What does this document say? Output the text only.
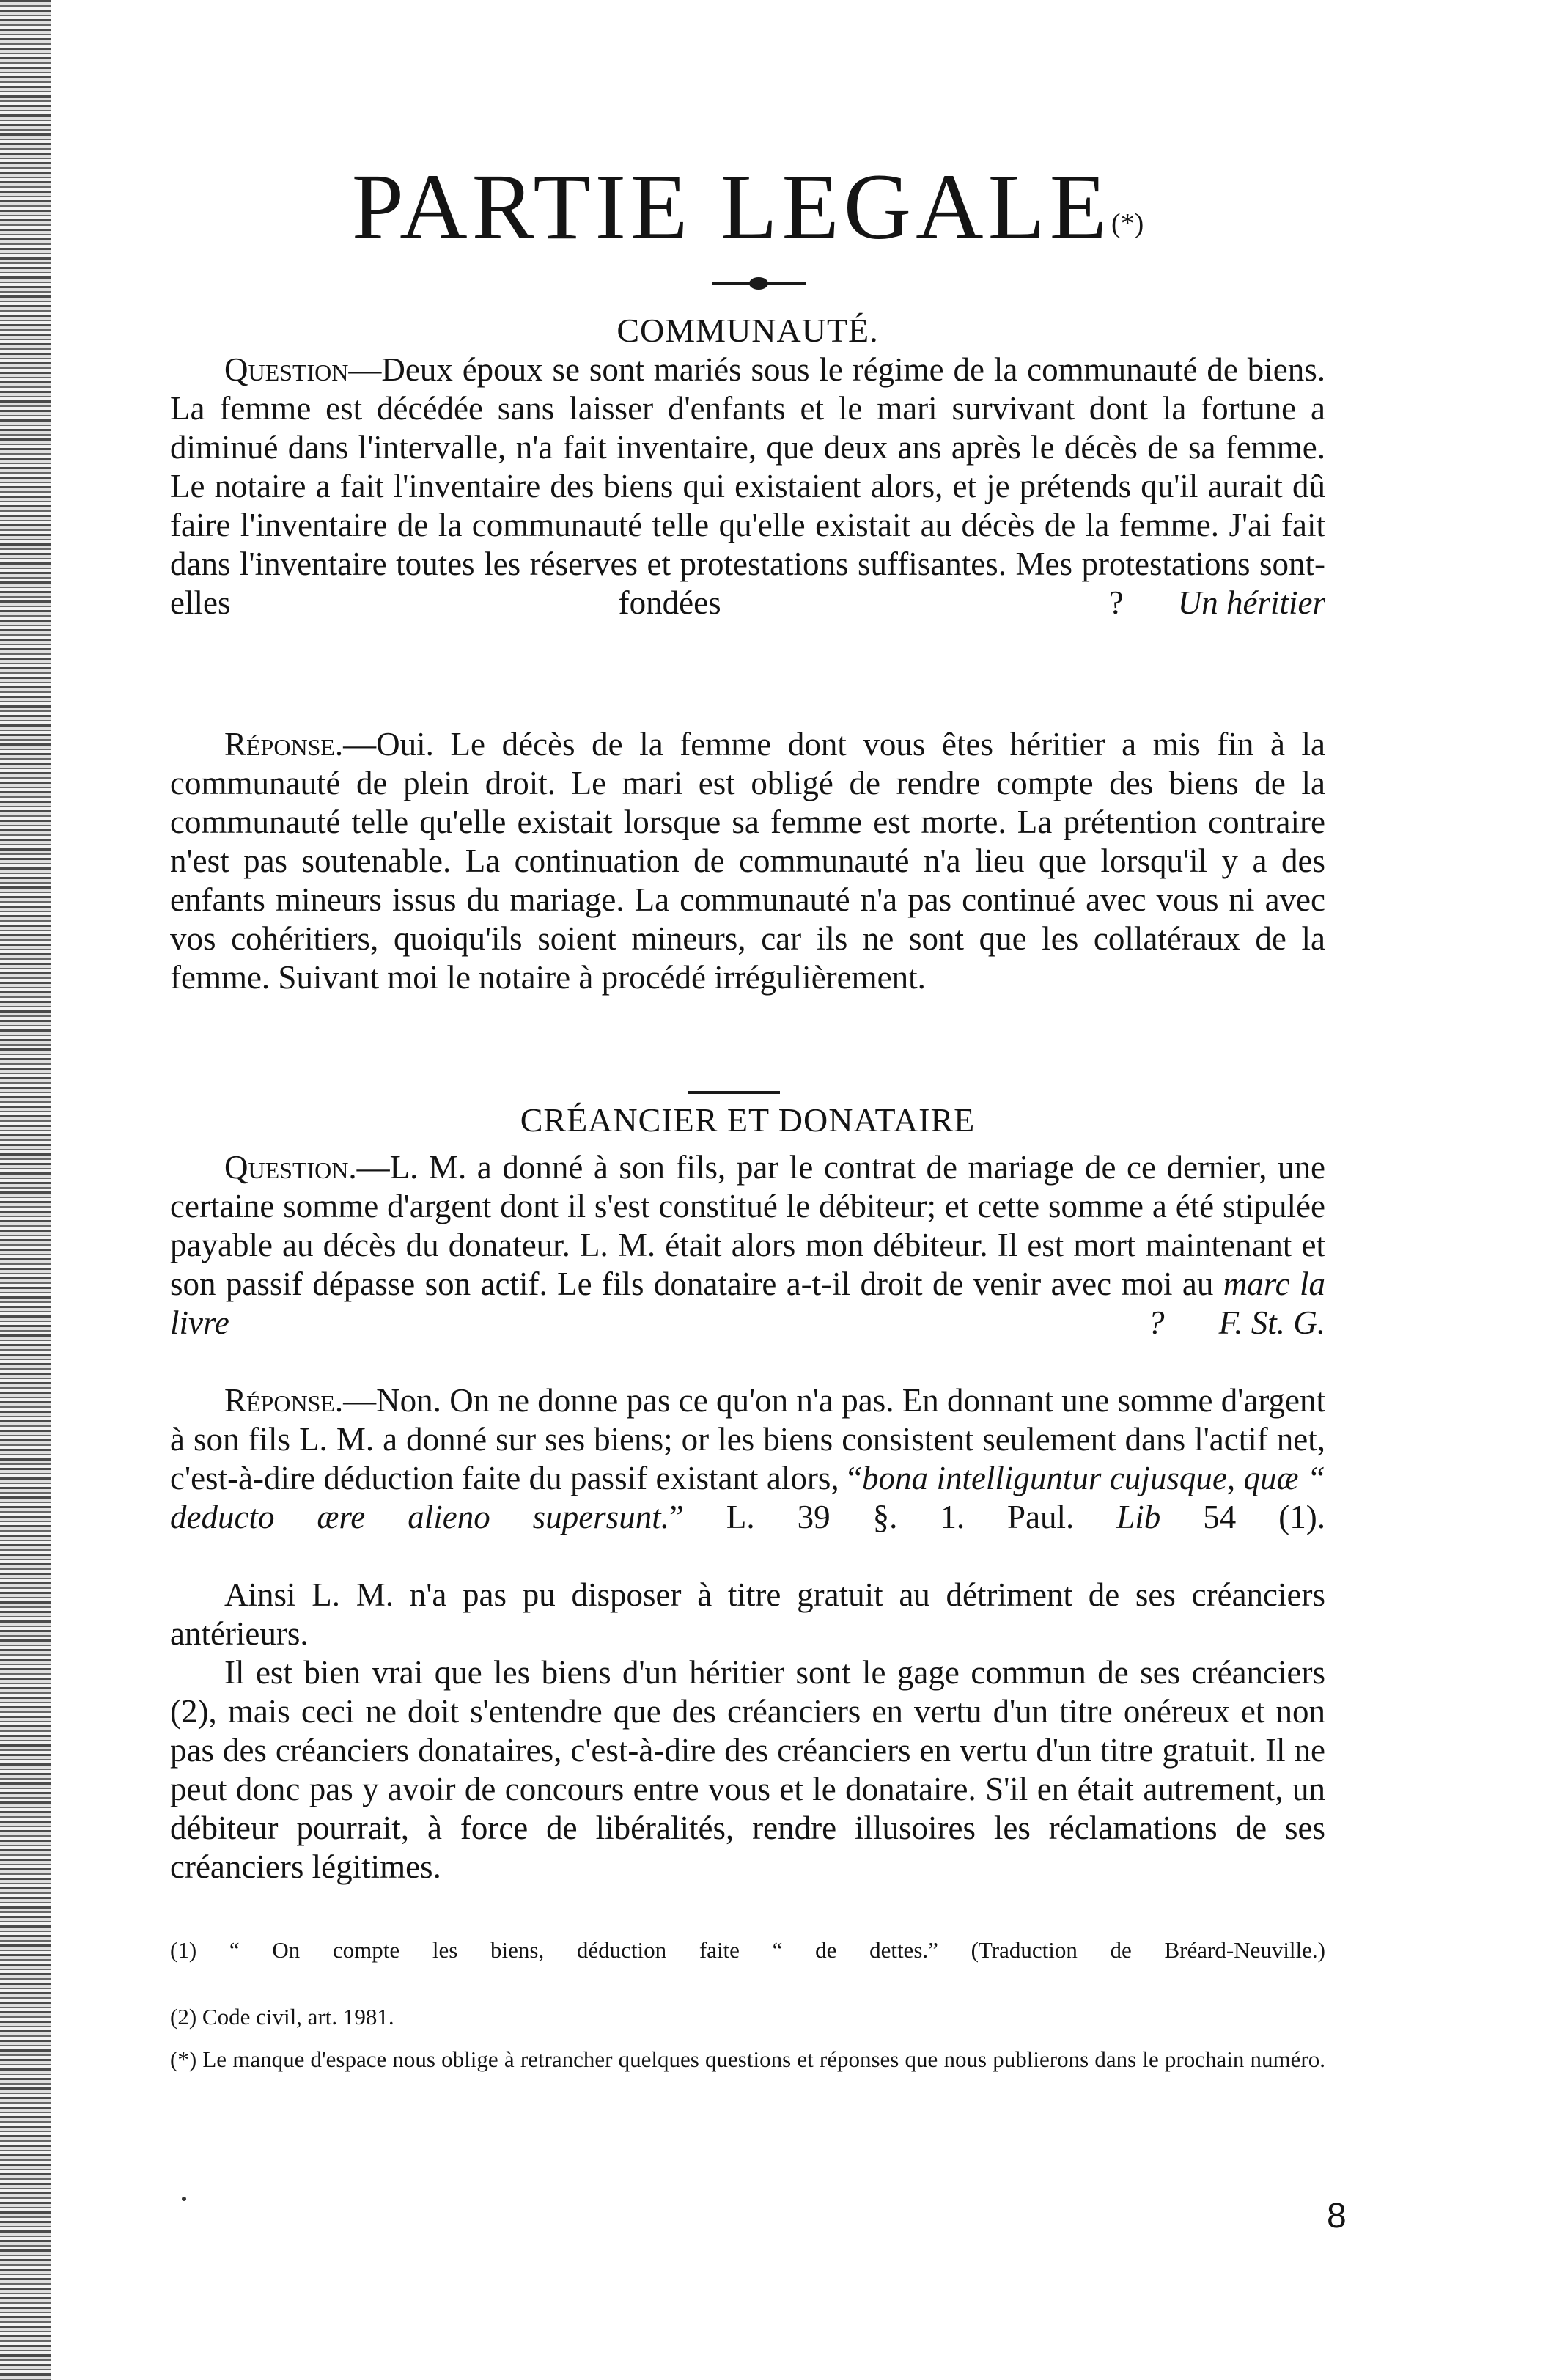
PARTIE LEGALE(*)
COMMUNAUTÉ.

Question—Deux époux se sont mariés sous le régime de la communauté de biens. La femme est décédée sans laisser d'enfants et le mari survivant dont la fortune a diminué dans l'intervalle, n'a fait inventaire, que deux ans après le décès de sa femme. Le notaire a fait l'inventaire des biens qui existaient alors, et je prétends qu'il aurait dû faire l'inventaire de la communauté telle qu'elle existait au décès de la femme. J'ai fait dans l'inventaire toutes les réserves et protestations suffisantes. Mes protestations sont-elles fondées ?	Un héritier

Réponse.—Oui. Le décès de la femme dont vous êtes héritier a mis fin à la communauté de plein droit. Le mari est obligé de rendre compte des biens de la communauté telle qu'elle existait lorsque sa femme est morte. La prétention contraire n'est pas soutenable. La continuation de communauté n'a lieu que lorsqu'il y a des enfants mineurs issus du mariage. La communauté n'a pas continué avec vous ni avec vos cohéritiers, quoiqu'ils soient mineurs, car ils ne sont que les collatéraux de la femme. Suivant moi le notaire à procédé irrégulièrement.

CRÉANCIER ET DONATAIRE

Question.—L. M. a donné à son fils, par le contrat de mariage de ce dernier, une certaine somme d'argent dont il s'est constitué le débiteur; et cette somme a été stipulée payable au décès du donateur. L. M. était alors mon débiteur. Il est mort maintenant et son passif dépasse son actif. Le fils donataire a-t-il droit de venir avec moi au marc la livre ?	F. St. G.

Réponse.—Non. On ne donne pas ce qu'on n'a pas. En donnant une somme d'argent à son fils L. M. a donné sur ses biens; or les biens consistent seulement dans l'actif net, c'est-à-dire déduction faite du passif existant alors, “bona intelliguntur cujusque, quæ “ deducto ære alieno supersunt.” L. 39 §. 1. Paul. Lib 54 (1).

Ainsi L. M. n'a pas pu disposer à titre gratuit au détriment de ses créanciers antérieurs.

Il est bien vrai que les biens d'un héritier sont le gage commun de ses créanciers (2), mais ceci ne doit s'entendre que des créanciers en vertu d'un titre onéreux et non pas des créanciers donataires, c'est-à-dire des créanciers en vertu d'un titre gratuit. Il ne peut donc pas y avoir de concours entre vous et le donataire. S'il en était autrement, un débiteur pourrait, à force de libéralités, rendre illusoires les réclamations de ses créanciers légitimes.

(1) “ On compte les biens, déduction faite “ de dettes.” (Traduction de Bréard-Neuville.)

(2) Code civil, art. 1981.

(*) Le manque d'espace nous oblige à retrancher quelques questions et réponses que nous publierons dans le prochain numéro.

8
